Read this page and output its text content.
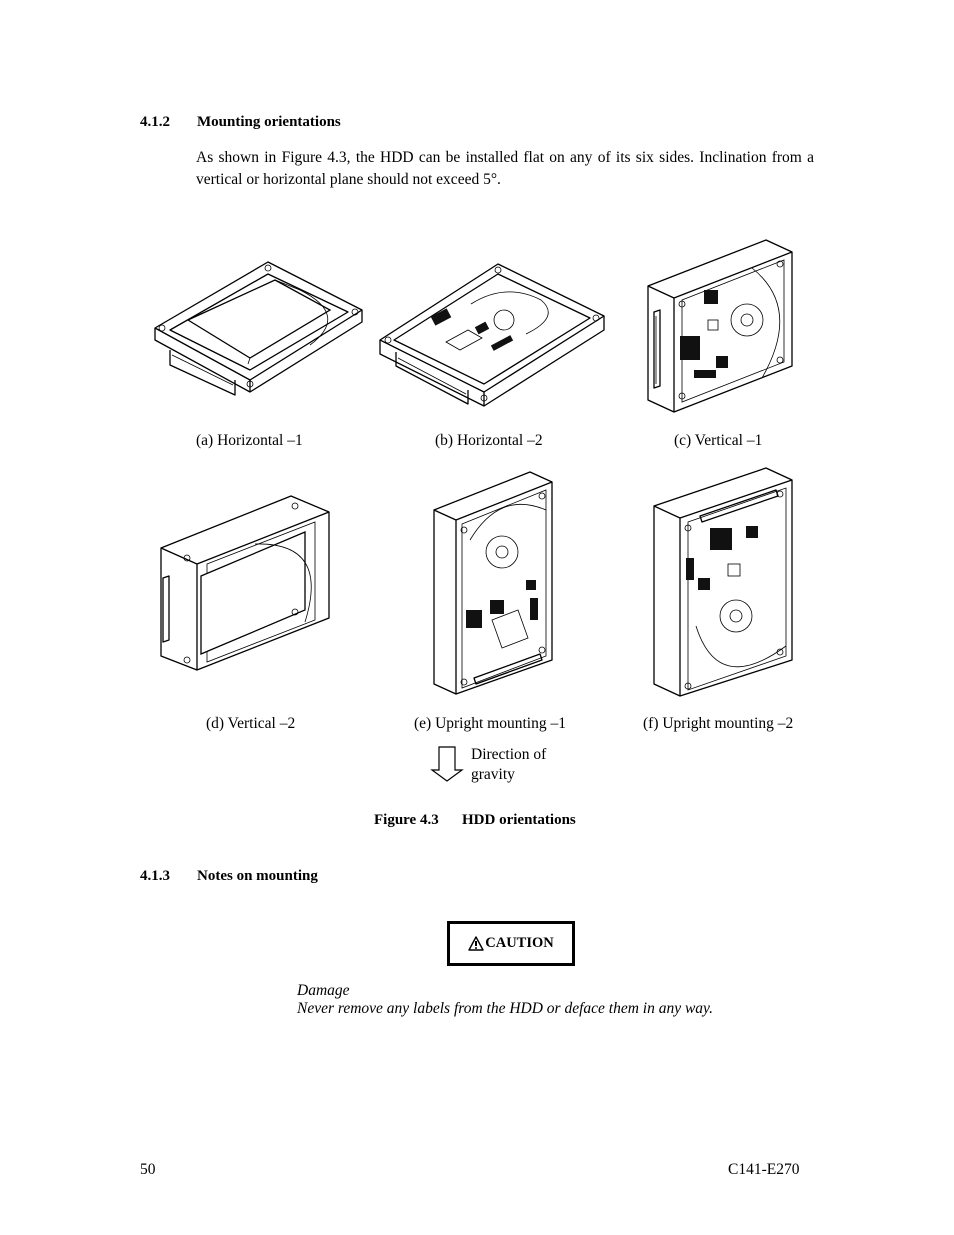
4.1.2 Mounting orientations
As shown in Figure 4.3, the HDD can be installed flat on any of its six sides. Inclination from a vertical or horizontal plane should not exceed 5°.
(a) Horizontal –1	(b) Horizontal –2	(c) Vertical –1
(d) Vertical –2	(e) Upright mounting –1	(f) Upright mounting –2
Direction of
gravity
Figure 4.3 HDD orientations
4.1.3 Notes on mounting
CAUTION
Damage
Never remove any labels from the HDD or deface them in any way.
50	C141-E270
